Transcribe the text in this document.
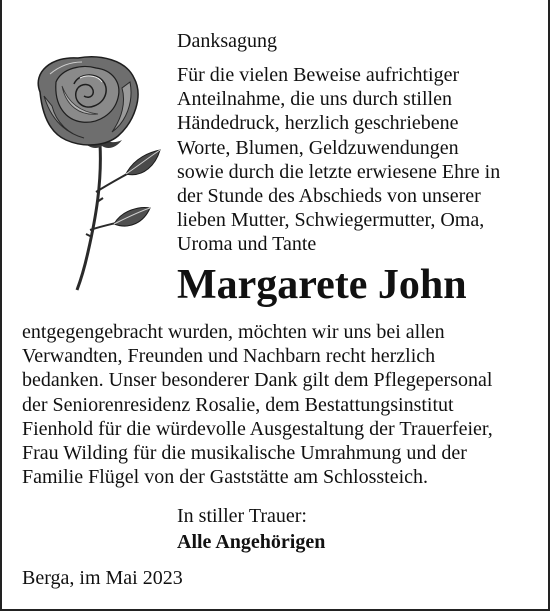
Danksagung
Für die vielen Beweise aufrichtiger
Anteilnahme, die uns durch stillen
Händedruck, herzlich geschriebene
Worte, Blumen, Geldzuwendungen
sowie durch die letzte erwiesene Ehre in
der Stunde des Abschieds von unserer
lieben Mutter, Schwiegermutter, Oma,
Uroma und Tante
Margarete John
entgegengebracht wurden, möchten wir uns bei allen
Verwandten, Freunden und Nachbarn recht herzlich
bedanken. Unser besonderer Dank gilt dem Pflegepersonal
der Seniorenresidenz Rosalie, dem Bestattungsinstitut
Fienhold für die würdevolle Ausgestaltung der Trauerfeier,
Frau Wilding für die musikalische Umrahmung und der
Familie Flügel von der Gaststätte am Schlossteich.
In stiller Trauer:
Alle Angehörigen
Berga, im Mai 2023
